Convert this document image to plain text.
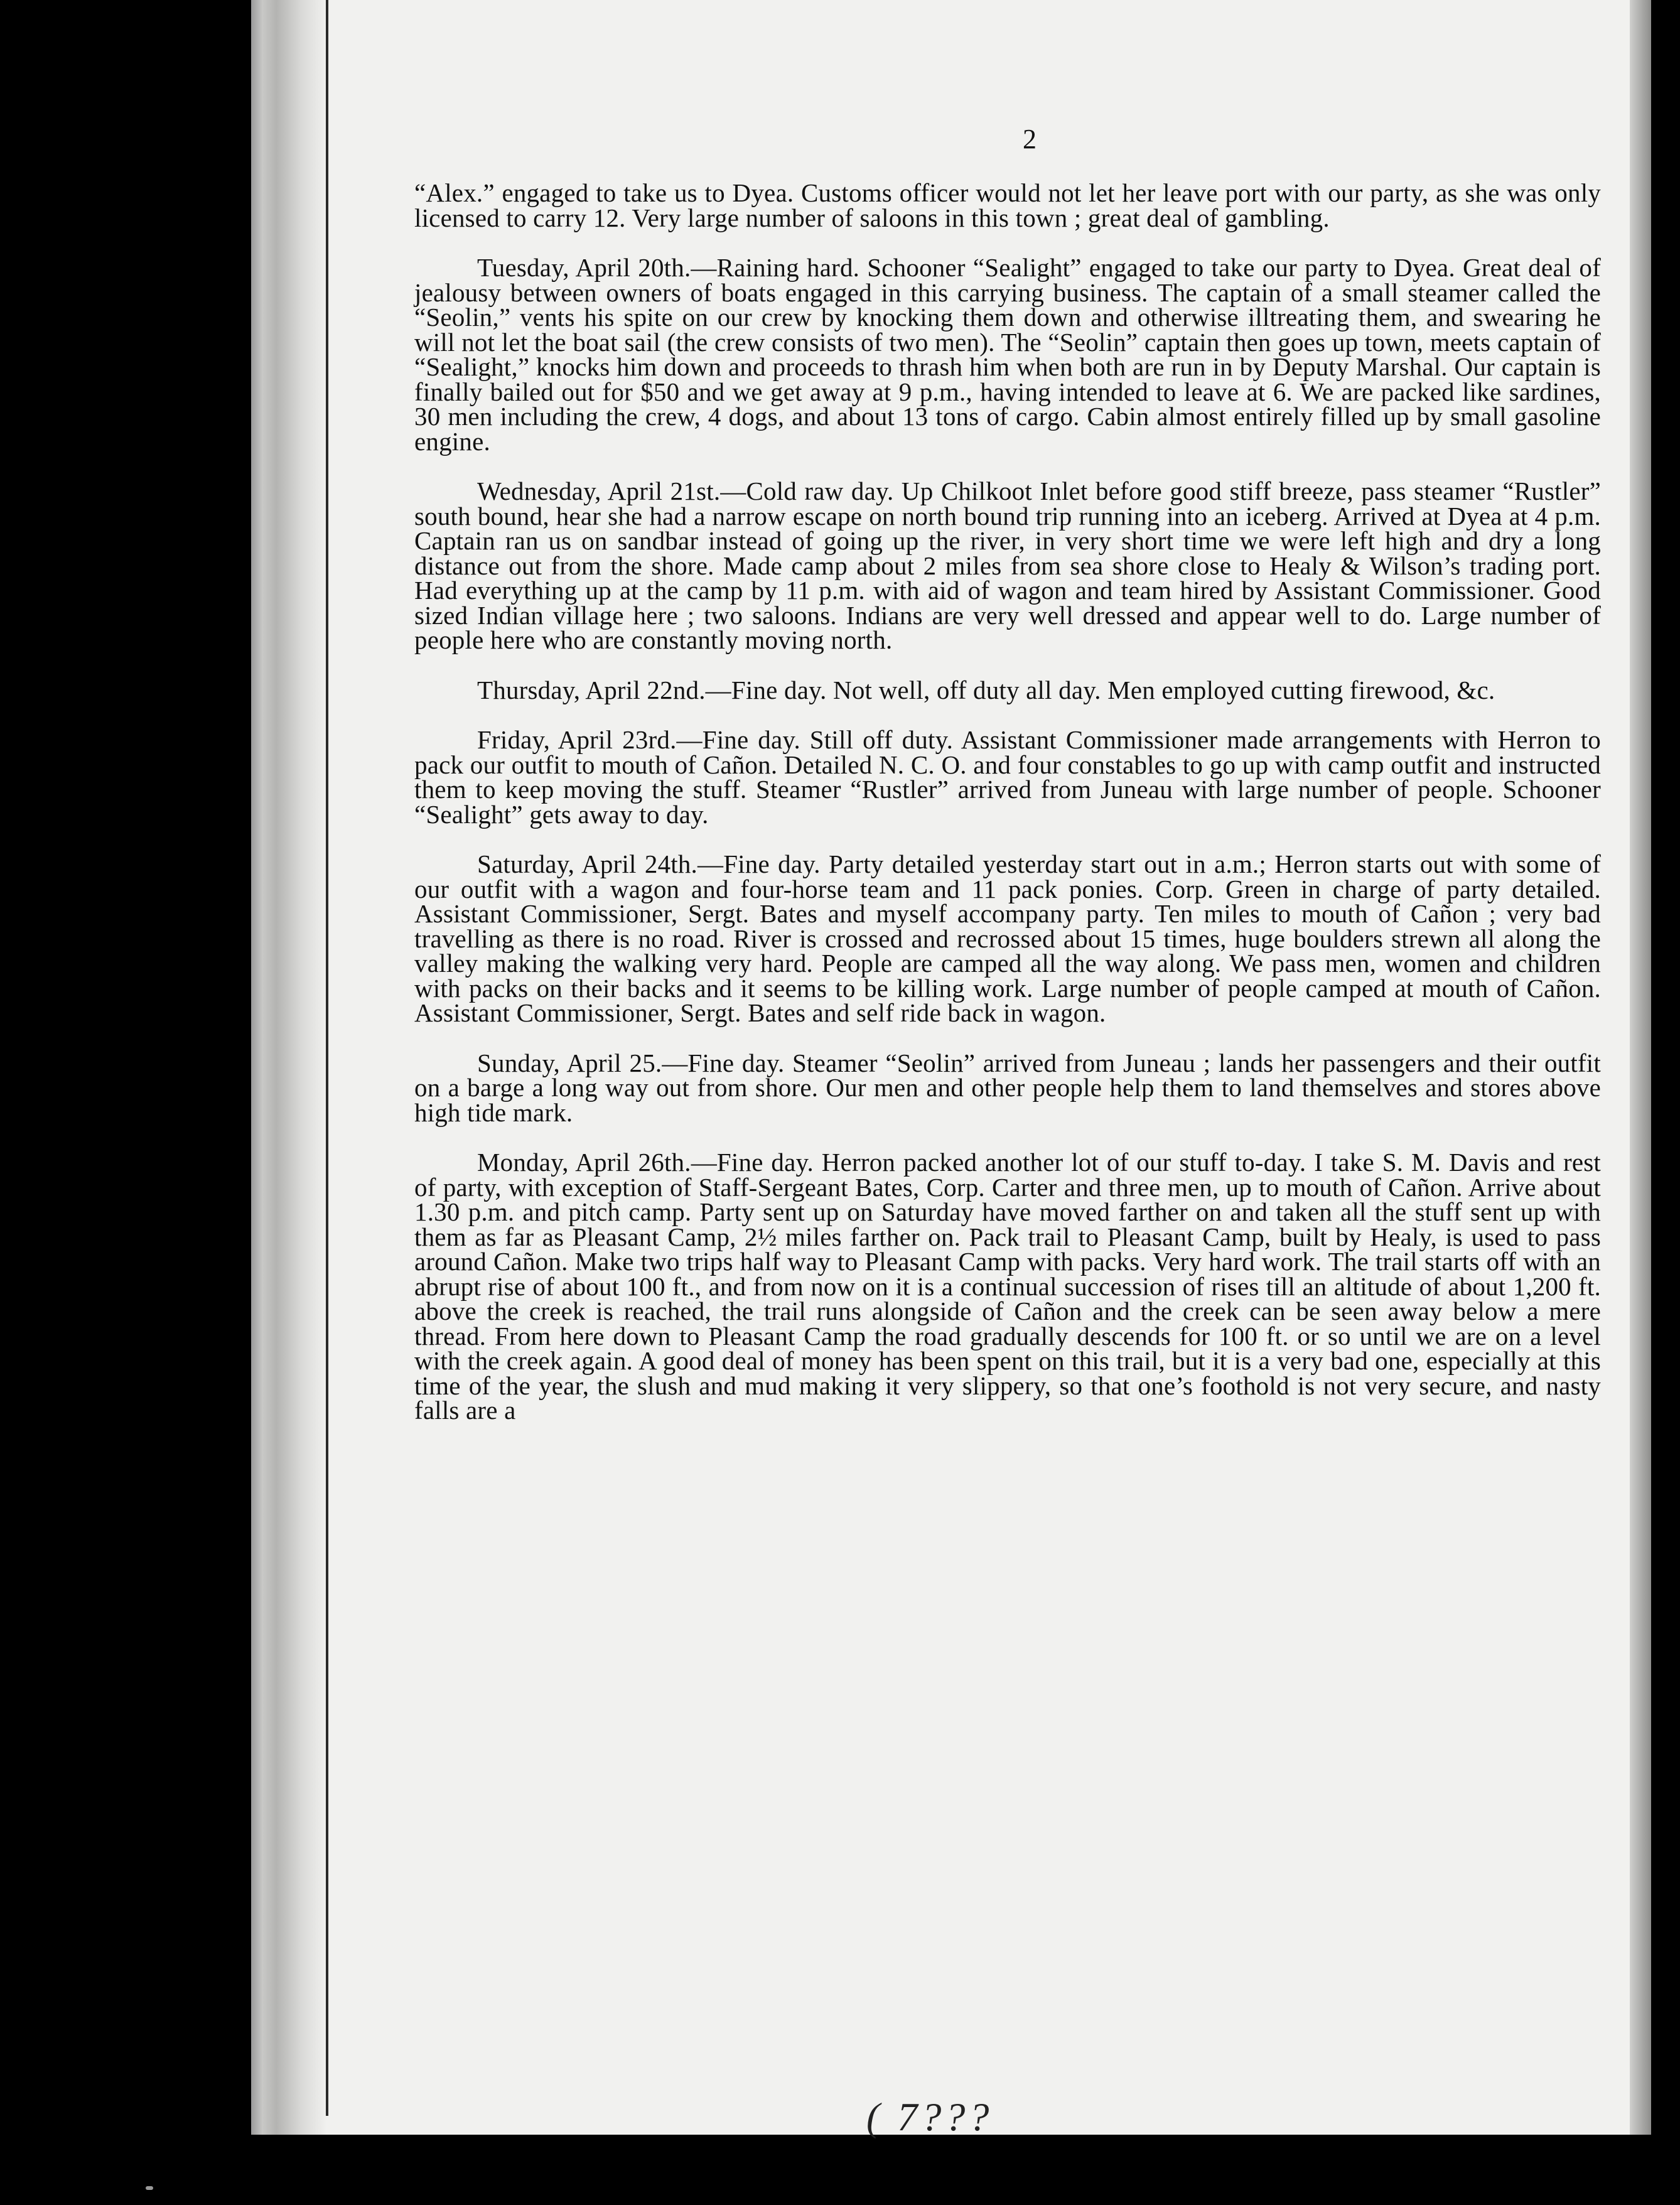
2

“Alex.” engaged to take us to Dyea. Customs officer would not let her leave port with our party, as she was only licensed to carry 12. Very large number of saloons in this town ; great deal of gambling.

Tuesday, April 20th.—Raining hard. Schooner “Sealight” engaged to take our party to Dyea. Great deal of jealousy between owners of boats engaged in this carrying business. The captain of a small steamer called the “Seolin,” vents his spite on our crew by knocking them down and otherwise illtreating them, and swearing he will not let the boat sail (the crew consists of two men). The “Seolin” captain then goes up town, meets captain of “Sealight,” knocks him down and proceeds to thrash him when both are run in by Deputy Marshal. Our captain is finally bailed out for $50 and we get away at 9 p.m., having intended to leave at 6. We are packed like sardines, 30 men including the crew, 4 dogs, and about 13 tons of cargo. Cabin almost entirely filled up by small gasoline engine.

Wednesday, April 21st.—Cold raw day. Up Chilkoot Inlet before good stiff breeze, pass steamer “Rustler” south bound, hear she had a narrow escape on north bound trip running into an iceberg. Arrived at Dyea at 4 p.m. Captain ran us on sandbar instead of going up the river, in very short time we were left high and dry a long distance out from the shore. Made camp about 2 miles from sea shore close to Healy & Wilson’s trading port. Had everything up at the camp by 11 p.m. with aid of wagon and team hired by Assistant Commissioner. Good sized Indian village here ; two saloons. Indians are very well dressed and appear well to do. Large number of people here who are constantly moving north.

Thursday, April 22nd.—Fine day. Not well, off duty all day. Men employed cutting firewood, &c.

Friday, April 23rd.—Fine day. Still off duty. Assistant Commissioner made arrangements with Herron to pack our outfit to mouth of Cañon. Detailed N. C. O. and four constables to go up with camp outfit and instructed them to keep moving the stuff. Steamer “Rustler” arrived from Juneau with large number of people. Schooner “Sealight” gets away to day.

Saturday, April 24th.—Fine day. Party detailed yesterday start out in a.m.; Herron starts out with some of our outfit with a wagon and four-horse team and 11 pack ponies. Corp. Green in charge of party detailed. Assistant Commissioner, Sergt. Bates and myself accompany party. Ten miles to mouth of Cañon ; very bad travelling as there is no road. River is crossed and recrossed about 15 times, huge boulders strewn all along the valley making the walking very hard. People are camped all the way along. We pass men, women and children with packs on their backs and it seems to be killing work. Large number of people camped at mouth of Cañon. Assistant Commissioner, Sergt. Bates and self ride back in wagon.

Sunday, April 25.—Fine day. Steamer “Seolin” arrived from Juneau ; lands her passengers and their outfit on a barge a long way out from shore. Our men and other people help them to land themselves and stores above high tide mark.

Monday, April 26th.—Fine day. Herron packed another lot of our stuff to-day. I take S. M. Davis and rest of party, with exception of Staff-Sergeant Bates, Corp. Carter and three men, up to mouth of Cañon. Arrive about 1.30 p.m. and pitch camp. Party sent up on Saturday have moved farther on and taken all the stuff sent up with them as far as Pleasant Camp, 2½ miles farther on. Pack trail to Pleasant Camp, built by Healy, is used to pass around Cañon. Make two trips half way to Pleasant Camp with packs. Very hard work. The trail starts off with an abrupt rise of about 100 ft., and from now on it is a continual succession of rises till an altitude of about 1,200 ft. above the creek is reached, the trail runs alongside of Cañon and the creek can be seen away below a mere thread. From here down to Pleasant Camp the road gradually descends for 100 ft. or so until we are on a level with the creek again. A good deal of money has been spent on this trail, but it is a very bad one, especially at this time of the year, the slush and mud making it very slippery, so that one’s foothold is not very secure, and nasty falls are a

( 7???
